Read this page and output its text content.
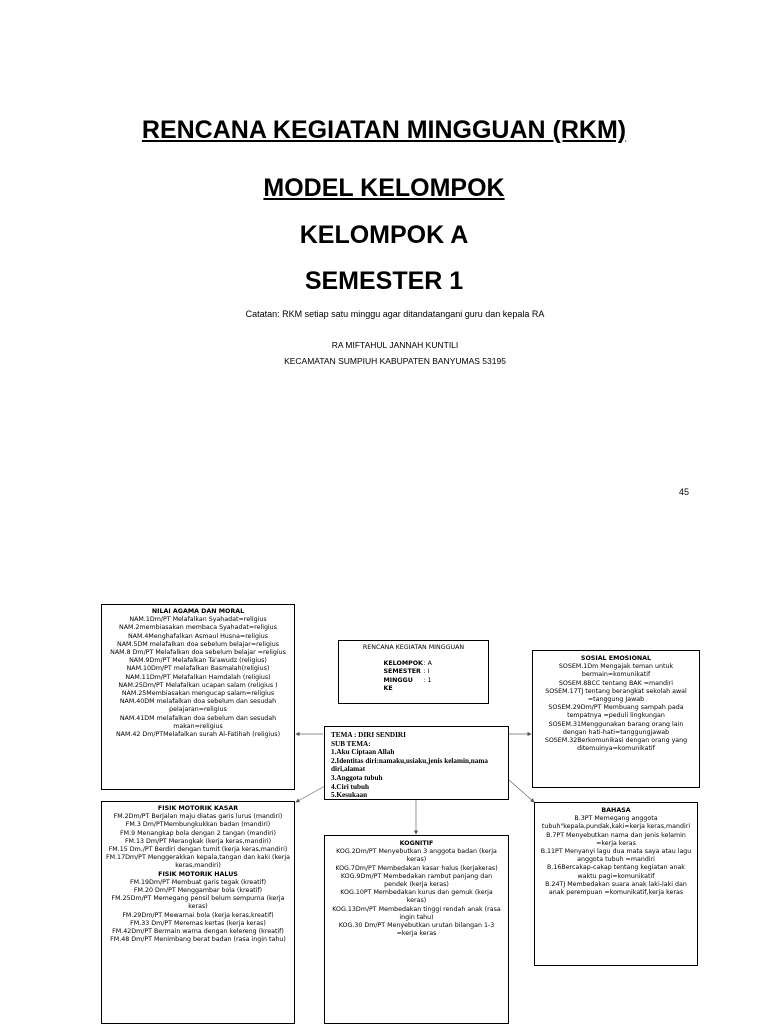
RENCANA KEGIATAN MINGGUAN (RKM)
MODEL KELOMPOK
KELOMPOK A
SEMESTER 1
Catatan: RKM setiap satu minggu agar ditandatangani guru dan kepala RA
RA MIFTAHUL JANNAH KUNTILI
KECAMATAN SUMPIUH KABUPATEN BANYUMAS 53195
45
NILAI AGAMA DAN MORAL
NAM.1Dm/PT Melafalkan Syahadat=religius
NAM.2membiasakan membaca Syahadat=religius
NAM.4Menghafalkan Asmaul Husna=religius
NAM.5DM melafalkan doa sebelum belajar=religius
NAM.8 Dm/PT Melafalkan doa sebelum belajar =religius
NAM.9Dm/PT Melafalkan Ta'awudz (religius)
NAM.10Dm/PT melafalkan Basmalah(religius)
NAM.11Dm/PT Melafalkan Hamdalah (religius)
NAM.25Dm/PT Melafalkan ucapan salam (religius )
NAM.25Membiasakan mengucap salam=religius
NAM.40DM melafalkan doa sebelum dan sesudah pelajaran=religius
NAM.41DM melafalkan doa sebelum dan sesudah makan=religius
NAM.42 Dm/PTMelafalkan surah Al-Fatihah (religius)
RENCANA KEGIATAN MINGGUAN
KELOMPOK : A
SEMESTER : I
MINGGU KE
: 1
SOSIAL EMOSIONAL
SOSEM.1Dm Mengajak teman untuk bermain=komunikatif
SOSEM.8BCC tentang BAK =mandiri
SOSEM.17TJ tentang berangkat sekolah awal =tanggung Jawab
SOSEM.29Dm/PT Membuang sampah pada tempatnya =peduli lingkungan
SOSEM.31Menggunakan barang orang lain dengan hati-hati=tanggungjawab
SOSEM.32Berkomunikasi dengan orang yang ditemuinya=komunikatif
TEMA : DIRI SENDIRI
SUB TEMA:
1.Aku Ciptaan Allah
2.Identitas diri:namaku,usiaku,jenis kelamin,nama diri,alamat
3.Anggota tubuh
4.Ciri tubuh
5.Kesukaan
FISIK MOTORIK KASAR
FM.2Dm/PT Berjalan maju diatas garis lurus (mandiri)
FM.3 Dm/PTMembungkukkan badan (mandiri)
FM.9 Menangkap bola dengan 2 tangan (mandiri)
FM.13 Dm/PT Merangkak (kerja keras,mandiri)
FM.15 Dm./PT Berdiri dengan tumit (kerja keras,mandiri)
FM.17Dm/PT Menggerakkan kepala,tangan dan kaki (kerja keras,mandiri)
FISIK MOTORIK HALUS
FM.19Dm/PT Membuat garis tegak (kreatif)
FM.20 Dm/PT Menggambar bola (kreatif)
FM.25Dm/PT Memegang pensil belum sempurna (kerja keras)
FM.29Dm/PT Mewarnai bola (kerja keras,kreatif)
FM.33 Dm/PT Meremas kertas (kerja keras)
FM.42Dm/PT Bermain warna dengan kelereng (kreatif)
FM.48 Dm/PT Menimbang berat badan (rasa ingin tahu)
KOGNITIF
KOG.2Dm/PT Menyebutkan 3 anggota badan (kerja keras)
KOG.7Dm/PT Membedakan kasar halus (kerjakeras)
KOG.9Dm/PT Membedakan rambut panjang dan pendek (kerja keras)
KOG.10PT Membedakan kurus dan gemuk (kerja keras)
KOG.13Dm/PT Membedakan tinggi rendah anak (rasa ingin tahu)
KOG.30 Dm/PT Menyebutkan urutan bilangan 1-3 =kerja keras
BAHASA
B.3PT Memegang anggota tubuh"kepala,pundak,kaki=kerja keras,mandiri
B.7PT Menyebutkan nama dan jenis kelamin =kerja keras
B.11PT Menyanyi lagu dua mata saya atau lagu anggota tubuh =mandiri
B.16Bercakap-cakap tentang kegiatan anak waktu pagi=komunikatif
B.24TJ Membedakan suara anak laki-laki dan anak perempuan =komunikatif,kerja keras
